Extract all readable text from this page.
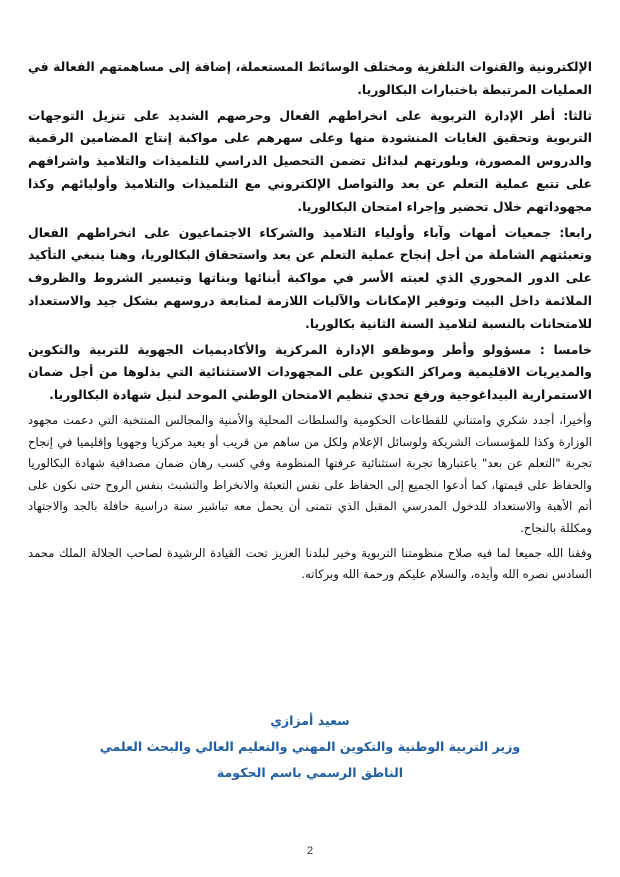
الإلكترونية والقنوات التلفزية ومختلف الوسائط المستعملة، إضافة إلى مساهمتهم الفعالة في العمليات المرتبطة باختبارات البكالوريا.

ثالثا: أطر الإدارة التربوية على انخراطهم الفعال وحرصهم الشديد على تنزيل التوجهات التربوية وتحقيق الغايات المنشودة منها وعلى سهرهم على مواكبة إنتاج المضامين الرقمية والدروس المصورة، وبلورتهم لبدائل تضمن التحصيل الدراسي للتلميذات والتلاميذ واشرافهم على تتبع عملية التعلم عن بعد والتواصل الإلكتروني مع التلميذات والتلاميذ وأوليائهم وكذا مجهوداتهم خلال تحضير وإجراء امتحان البكالوريا.

رابعا: جمعيات أمهات وآباء وأولياء التلاميذ والشركاء الاجتماعيون على انخراطهم الفعال وتعبئتهم الشاملة من أجل إنجاح عملية التعلم عن بعد واستحقاق البكالوريا، وهنا ينبغي التأكيد على الدور المحوري الذي لعبته الأسر في مواكبة أبنائها وبناتها وتيسير الشروط والظروف الملائمة داخل البيت وتوفير الإمكانات والآليات اللازمة لمتابعة دروسهم بشكل جيد والاستعداد للامتحانات بالنسبة لتلاميذ السنة الثانية بكالوريا.

خامسا : مسؤولو وأطر وموظفو الإدارة المركزية والأكاديميات الجهوية للتربية والتكوين والمديريات الاقليمية ومراكز التكوين على المجهودات الاستثنائية التي بذلوها من أجل ضمان الاستمرارية البيداغوجية ورفع تحدي تنظيم الامتحان الوطني الموحد لنيل شهادة البكالوريا.

وأخيرا، أجدد شكري وامتناني للقطاعات الحكومية والسلطات المحلية والأمنية والمجالس المنتخبة التي دعمت مجهود الوزارة وكذا للمؤسسات الشريكة ولوسائل الإعلام ولكل من ساهم من قريب أو بعيد مركزيا وجهويا وإقليميا في إنجاح تجربة "التعلم عن بعد" باعتبارها تجربة استثنائية عرفتها المنظومة وفي كسب رهان ضمان مصداقية شهادة البكالوريا والحفاظ على قيمتها، كما أدعوا الجميع إلى الحفاظ على نفس التعبئة والانخراط والتشبث بنفس الروح حتى نكون على أتم الأهبة والاستعداد للدخول المدرسي المقبل الذي نتمنى أن يحمل معه تباشير سنة دراسية حافلة بالجد والاجتهاد ومكللة بالنجاح.

وفقنا الله جميعا لما فيه صلاح منظومتنا التربوية وخير لبلدنا العزيز تحت القيادة الرشيدة لصاحب الجلالة الملك محمد السادس نصره الله وأيده، والسلام عليكم ورحمة الله وبركاته.

سعيد أمزازي
وزير التربية الوطنية والتكوين المهني والتعليم العالي والبحث العلمي
الناطق الرسمي باسم الحكومة
2
